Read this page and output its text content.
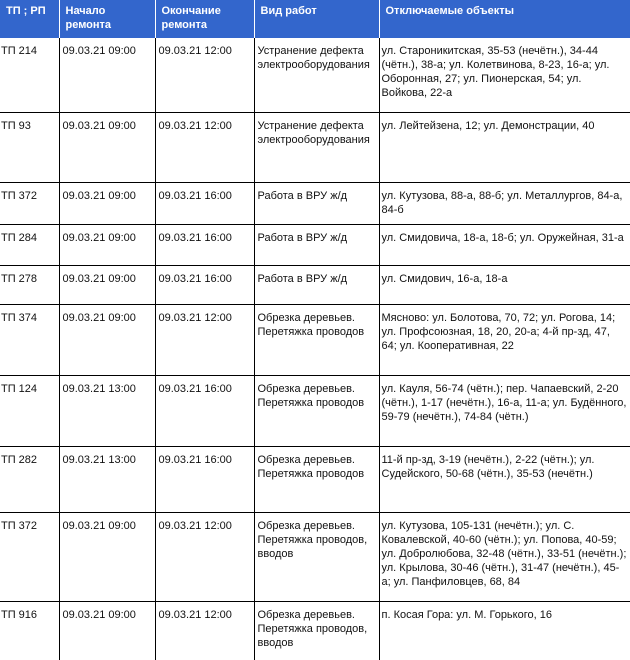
ТП ; РП	Начало ремонта	Окончание ремонта	Вид работ	Отключаемые объекты
ТП 214	09.03.21 09:00	09.03.21 12:00	Устранение дефекта электрооборудования	ул. Староникитская, 35-53 (нечётн.), 34-44 (чётн.), 38-а; ул. Колетвинова, 8-23, 16-а; ул. Оборонная, 27; ул. Пионерская, 54; ул. Войкова, 22-а
ТП 93	09.03.21 09:00	09.03.21 12:00	Устранение дефекта электрооборудования	ул. Лейтейзена, 12; ул. Демонстрации, 40
ТП 372	09.03.21 09:00	09.03.21 16:00	Работа в ВРУ ж/д	ул. Кутузова, 88-а, 88-б; ул. Металлургов, 84-а, 84-б
ТП 284	09.03.21 09:00	09.03.21 16:00	Работа в ВРУ ж/д	ул. Смидовича, 18-а, 18-б; ул. Оружейная, 31-а
ТП 278	09.03.21 09:00	09.03.21 16:00	Работа в ВРУ ж/д	ул. Смидович, 16-а, 18-а
ТП 374	09.03.21 09:00	09.03.21 12:00	Обрезка деревьев. Перетяжка проводов	Мясново: ул. Болотова, 70, 72; ул. Рогова, 14; ул. Профсоюзная, 18, 20, 20-а; 4-й пр-зд, 47, 64; ул. Кооперативная, 22
ТП 124	09.03.21 13:00	09.03.21 16:00	Обрезка деревьев. Перетяжка проводов	ул. Кауля, 56-74 (чётн.); пер. Чапаевский, 2-20 (чётн.), 1-17 (нечётн.), 16-а, 11-а; ул. Будённого, 59-79 (нечётн.), 74-84 (чётн.)
ТП 282	09.03.21 13:00	09.03.21 16:00	Обрезка деревьев. Перетяжка проводов	11-й пр-зд, 3-19 (нечётн.), 2-22 (чётн.); ул. Судейского, 50-68 (чётн.), 35-53 (нечётн.)
ТП 372	09.03.21 09:00	09.03.21 12:00	Обрезка деревьев. Перетяжка проводов, вводов	ул. Кутузова, 105-131 (нечётн.); ул. С. Ковалевской, 40-60 (чётн.); ул. Попова, 40-59; ул. Добролюбова, 32-48 (чётн.), 33-51 (нечётн.); ул. Крылова, 30-46 (чётн.), 31-47 (нечётн.), 45-а; ул. Панфиловцев, 68, 84
ТП 916	09.03.21 09:00	09.03.21 12:00	Обрезка деревьев. Перетяжка проводов, вводов	п. Косая Гора: ул. М. Горького, 16
